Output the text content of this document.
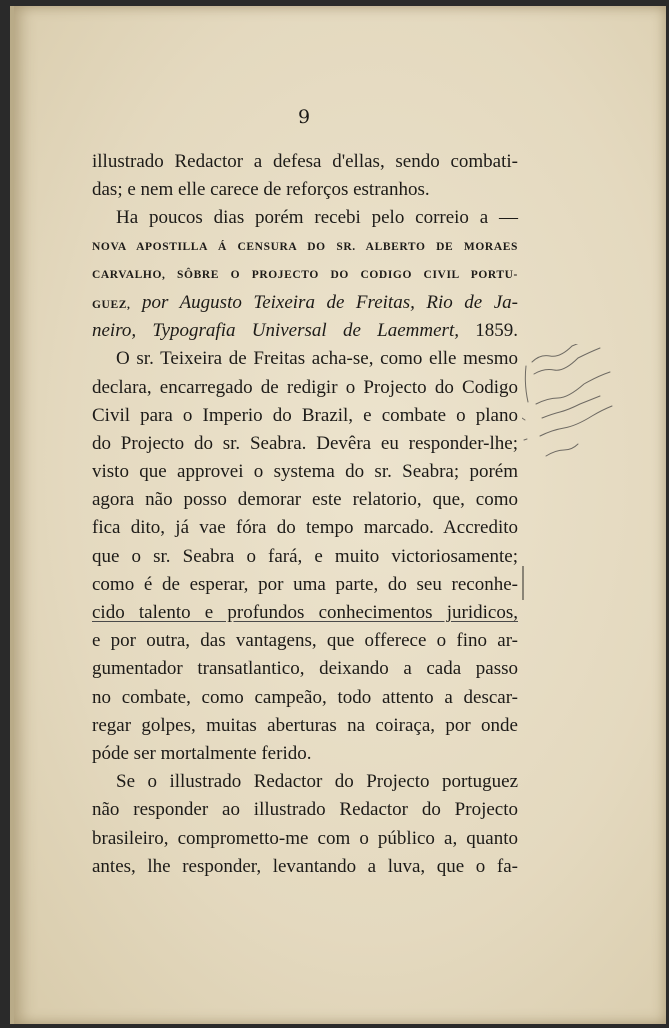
9
illustrado Redactor a defesa d'ellas, sendo combati-
das; e nem elle carece de reforços estranhos.
Ha poucos dias porém recebi pelo correio a —
NOVA APOSTILLA Á CENSURA DO SR. ALBERTO DE MORAES
CARVALHO, SÔBRE O PROJECTO DO CODIGO CIVIL PORTU-
GUEZ, por Augusto Teixeira de Freitas, Rio de Ja-
neiro, Typografia Universal de Laemmert, 1859.
O sr. Teixeira de Freitas acha-se, como elle mesmo
declara, encarregado de redigir o Projecto do Codigo
Civil para o Imperio do Brazil, e combate o plano
do Projecto do sr. Seabra. Devêra eu responder-lhe;
visto que approvei o systema do sr. Seabra; porém
agora não posso demorar este relatorio, que, como
fica dito, já vae fóra do tempo marcado. Accredito
que o sr. Seabra o fará, e muito victoriosamente;
como é de esperar, por uma parte, do seu reconhe-
cido talento e profundos conhecimentos juridicos,
e por outra, das vantagens, que offerece o fino ar-
gumentador transatlantico, deixando a cada passo
no combate, como campeão, todo attento a descar-
regar golpes, muitas aberturas na coiraça, por onde
póde ser mortalmente ferido.
Se o illustrado Redactor do Projecto portuguez
não responder ao illustrado Redactor do Projecto
brasileiro, comprometto-me com o público a, quanto
antes, lhe responder, levantando a luva, que o fa-
